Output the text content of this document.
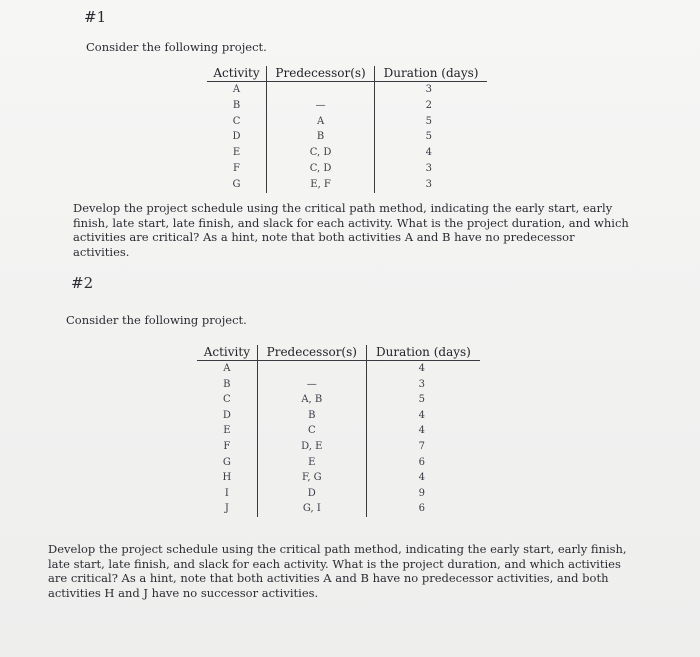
#1
Consider the following project.
Activity	Predecessor(s)	Duration (days)
A		3
B	—	2
C	A	5
D	B	5
E	C, D	4
F	C, D	3
G	E, F	3
Develop the project schedule using the critical path method, indicating the early start, early finish, late start, late finish, and slack for each activity. What is the project duration, and which activities are critical? As a hint, note that both activities A and B have no predecessor activities.
#2
Consider the following project.
Activity	Predecessor(s)	Duration (days)
A		4
B	—	3
C	A, B	5
D	B	4
E	C	4
F	D, E	7
G	E	6
H	F, G	4
I	D	9
J	G, I	6
Develop the project schedule using the critical path method, indicating the early start, early finish, late start, late finish, and slack for each activity. What is the project duration, and which activities are critical? As a hint, note that both activities A and B have no predecessor activities, and both activities H and J have no successor activities.
